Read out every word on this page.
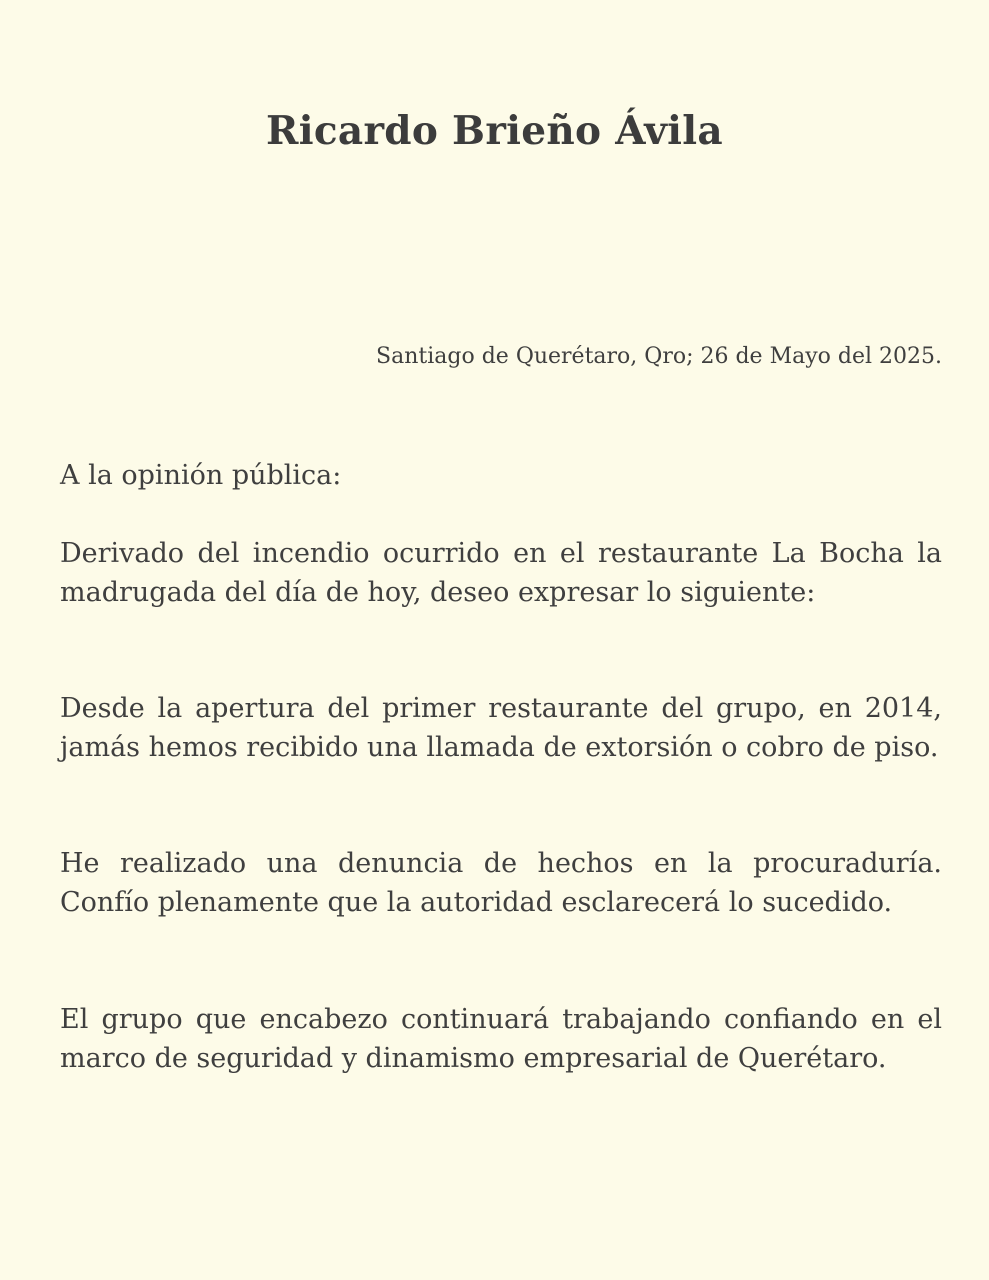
Ricardo Brieño Ávila
Santiago de Querétaro, Qro; 26 de Mayo del 2025.

A la opinión pública:

Derivado del incendio ocurrido en el restaurante La Bocha la madrugada del día de hoy, deseo expresar lo siguiente:

Desde la apertura del primer restaurante del grupo, en 2014, jamás hemos recibido una llamada de extorsión o cobro de piso.

He realizado una denuncia de hechos en la procuraduría. Confío plenamente que la autoridad esclarecerá lo sucedido.

El grupo que encabezo continuará trabajando confiando en el marco de seguridad y dinamismo empresarial de Querétaro.
